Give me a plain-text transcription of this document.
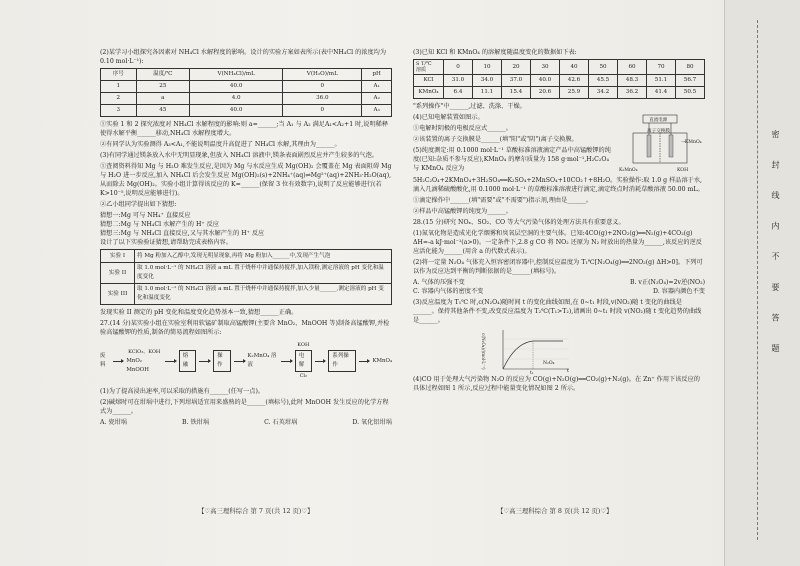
(2)某学习小组探究各因素对 NH₄Cl 水解程度的影响。设计的实验方案如表所示(表中NH₄Cl 的浓度均为 0.10 mol·L⁻¹):
序号	温度/℃	V(NH₄Cl)/mL	V(H₂O)/mL	pH
1	25	40.0	0	A₁
2	a	4.0	36.0	A₂
3	45	40.0	0	A₃
①实验 1 和 2 探究浓度对 NH₄Cl 水解程度的影响:则 a=______;当 A₁ 与 A₂ 满足A₁<A₂+1 时,说明稀释使得水解平衡______移动,NH₄Cl 水解程度增大。
②有同学认为实验测得 A₃<A₁,不能说明温度升高促进了 NH₄Cl 水解,其理由为______。
(3)有同学通过镁条放入水中无明显现象,但放入 NH₄Cl 溶液中,镁条表面剧烈反应并产生较多的气泡。
①查阅资料得知 Mg 与 H₂O 难发生反应,是因为 Mg 与水反应生成 Mg(OH)₂ 会覆盖在 Mg 表面阻碍 Mg 与 H₂O 进一步反应,加入 NH₄Cl 后会发生反应 Mg(OH)₂(s)+2NH₄⁺(aq)⇌Mg²⁺(aq)+2NH₃·H₂O(aq),从而除去 Mg(OH)₂。实验小组计算得该反应的 K=______(保留 3 位有效数字),说明了反应能够进行(若 K>10⁻⁵,说明反应能够进行)。
②乙小组同学提出如下猜想:
猜想一:Mg 可与 NH₄⁺ 直接反应
猜想二:Mg 与 NH₄Cl 水解产生的 H⁺ 反应
猜想三:Mg 与 NH₄Cl 直接反应,又与其水解产生的 H⁺ 反应
设计了以下实验验证猜想,请帮助完成表格内容。
实验 I	将 Mg 粉加入乙醇中,发现无明显现象,再将 Mg 粉加入______中,发现产生气泡
实验 II	取 1.0 mol·L⁻¹ 的 NH₄Cl 溶液 a mL 置于烧杯中并通保持搅拌,加入镁粉,测定溶液的 pH 变化和温度变化
实验 III	取 1.0 mol·L⁻¹ 的 NH₄Cl 溶液 a mL 置于烧杯中并通保持搅拌,加入少量______,测定溶液的 pH 变化和温度变化
发现实验 II 测定的 pH 变化和温度变化趋势基本一致,猜想______正确。
27.(14 分)某实验小组在实验室利用软锰矿制取高锰酸钾(主要含 MnO₂、MnOOH 等)制备高锰酸钾,并检验高锰酸钾的性质,制备的简易流程如图所示:
废料
KClO₃、KOH
MnO₂ MnOOH
熔融
操作
K₂MnO₄ 溶液
KOH
电解
Cl₂
系列操作
KMnO₄
(1)为了提高浸出速率,可以采取的措施有______(任写一点)。
(2)碱熔时可在坩埚中进行,下列坩埚适宜用来盛熟的是______(填标号),此时 MnOOH 发生反应的化学方程式为______。
A. 瓷坩埚	B. 铁坩埚	C. 石英坩埚	D. 氧化铝坩埚
【♡高三理科综合 第 7 页(共 12 页)♡】
(3)已知 KCl 和 KMnO₄ 的溶解度随温度变化的数据如下表:
S T/℃
溶质	0	10	20	30	40	50	60	70	80
KCl	31.0	34.0	37.0	40.0	42.6	45.5	48.3	51.1	56.7
KMnO₄	6.4	11.1	15.4	20.6	25.9	34.2	36.2	41.4	50.5
"系列操作"中______,过滤、洗涤、干燥。
直流电源
→KMnO₄
K₂MnO₄	KOH
离子交换膜
(4)已知电解装置如图示。
①电解时阴极的电极反应式______。
②该装置的离子交换膜是______(填"阳"或"阴")离子交换膜。
(5)纯度测定:用 0.1000 mol·L⁻¹ 草酸标准溶液滴定产品中高锰酸钾的纯度(已知:杂质不参与反应),KMnO₄ 的摩尔质量为 158 g·mol⁻¹,H₂C₂O₄ 与 KMnO₄ 反应为 5H₂C₂O₄+2KMnO₄+3H₂SO₄══K₂SO₄+2MnSO₄+10CO₂↑+8H₂O。实验操作:取 1.0 g 样品溶于水,滴入几滴稀硫酸酸化,用 0.1000 mol·L⁻¹ 的草酸标准溶液进行滴定,滴定终点时消耗草酸溶液 50.00 mL。
①滴定操作中______(填"需要"或"不需要")指示剂,理由是______。
②样品中高锰酸钾的纯度为______。
28.(15 分)研究 NOₓ、SO₂、CO 等大气污染气体的处理方法具有重要意义。
(1)氮氧化物是造成光化学烟雾和臭氧层空洞的主要气体。已知:4CO(g)+2NO₂(g)══N₂(g)+4CO₂(g) ΔH=-a kJ·mol⁻¹(a>0)。一定条件下,2.8 g CO 将 NO₂ 还原为 N₂ 时放出的热量为______,该反应的逆反应活化能为______(用含 a 的代数式表示)。
(2)将一定量 N₂O₄ 气体充入恒容密闭容器中,控制反应温度为 T₁℃[N₂O₄(g)══2NO₂(g) ΔH>0]。下列可以作为反应达到平衡的判断依据的是______(填标号)。
A. 气体的压强不变	B. v正(N₂O₄)=2v逆(NO₂)
C. 容器内气体的密度不变	D. 容器内颜色不变
(3)反应温度为 T₁℃ 时,c(N₂O₄)随时间 t 的变化曲线如图,在 0~t₁ 时段,v(NO₂)随 t 变化的曲线是______。保持其他条件不变,改变反应温度为 T₂℃(T₁>T₂),请画出 0~t₁ 时段 v(NO₂)随 t 变化趋势的曲线是______。
c(N₂O₄)/(mol·L⁻¹)
t
N₂O₄
t₁
(4)CO 用于处理大气污染物 N₂O 的反应为 CO(g)+N₂O(g)══CO₂(g)+N₂(g)。在 Zn⁺ 作用下该反应的具体过程如图 1 所示,反应过程中能量变化情况如图 2 所示。
【♡高三理科综合 第 8 页(共 12 页)♡】
密 封 线 内 不 要 答 题
